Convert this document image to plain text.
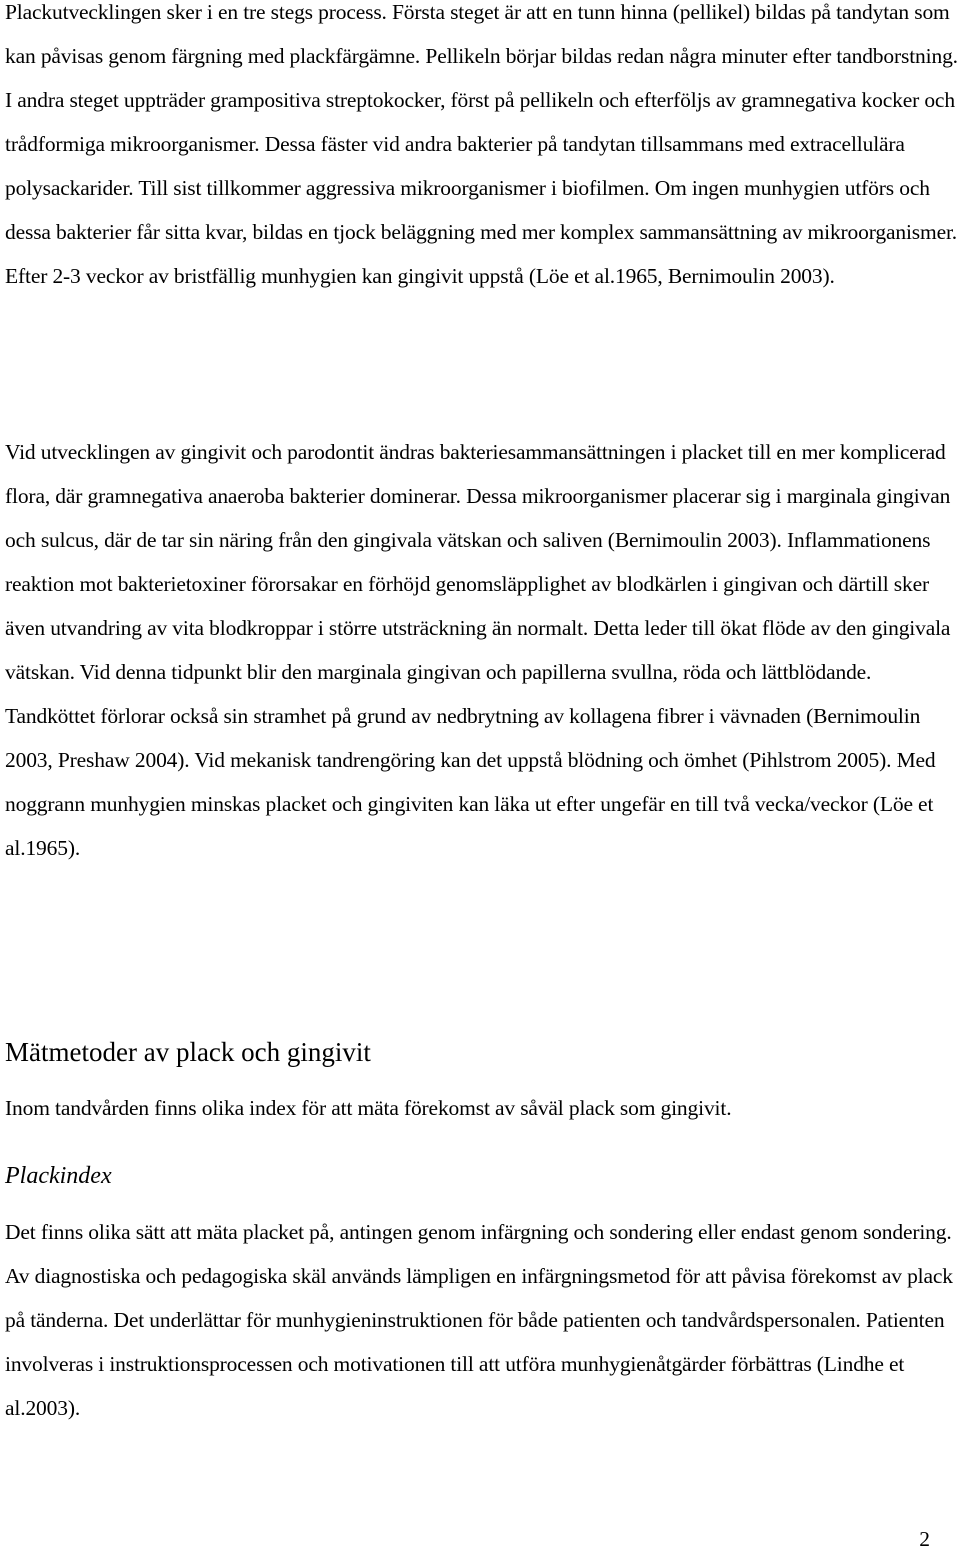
Plackutvecklingen sker i en tre stegs process. Första steget är att en tunn hinna (pellikel) bildas på tandytan som kan påvisas genom färgning med plackfärgämne. Pellikeln börjar bildas redan några minuter efter tandborstning. I andra steget uppträder grampositiva streptokocker, först på pellikeln och efterföljs av gramnegativa kocker och trådformiga mikroorganismer. Dessa fäster vid andra bakterier på tandytan tillsammans med extracellulära polysackarider. Till sist tillkommer aggressiva mikroorganismer i biofilmen. Om ingen munhygien utförs och dessa bakterier får sitta kvar, bildas en tjock beläggning med mer komplex sammansättning av mikroorganismer. Efter 2-3 veckor av bristfällig munhygien kan gingivit uppstå (Löe et al.1965, Bernimoulin 2003).

Vid utvecklingen av gingivit och parodontit ändras bakteriesammansättningen i placket till en mer komplicerad flora, där gramnegativa anaeroba bakterier dominerar. Dessa mikroorganismer placerar sig i marginala gingivan och sulcus, där de tar sin näring från den gingivala vätskan och saliven (Bernimoulin 2003). Inflammationens reaktion mot bakterietoxiner förorsakar en förhöjd genomsläpplighet av blodkärlen i gingivan och därtill sker även utvandring av vita blodkroppar i större utsträckning än normalt. Detta leder till ökat flöde av den gingivala vätskan. Vid denna tidpunkt blir den marginala gingivan och papillerna svullna, röda och lättblödande. Tandköttet förlorar också sin stramhet på grund av nedbrytning av kollagena fibrer i vävnaden (Bernimoulin 2003, Preshaw 2004). Vid mekanisk tandrengöring kan det uppstå blödning och ömhet (Pihlstrom 2005). Med noggrann munhygien minskas placket och gingiviten kan läka ut efter ungefär en till två vecka/veckor (Löe et al.1965).

Mätmetoder av plack och gingivit

Inom tandvården finns olika index för att mäta förekomst av såväl plack som gingivit.

Plackindex

Det finns olika sätt att mäta placket på, antingen genom infärgning och sondering eller endast genom sondering. Av diagnostiska och pedagogiska skäl används lämpligen en infärgningsmetod för att påvisa förekomst av plack på tänderna. Det underlättar för munhygieninstruktionen för både patienten och tandvårdspersonalen. Patienten involveras i instruktionsprocessen och motivationen till att utföra munhygienåtgärder förbättras (Lindhe et al.2003).

2
